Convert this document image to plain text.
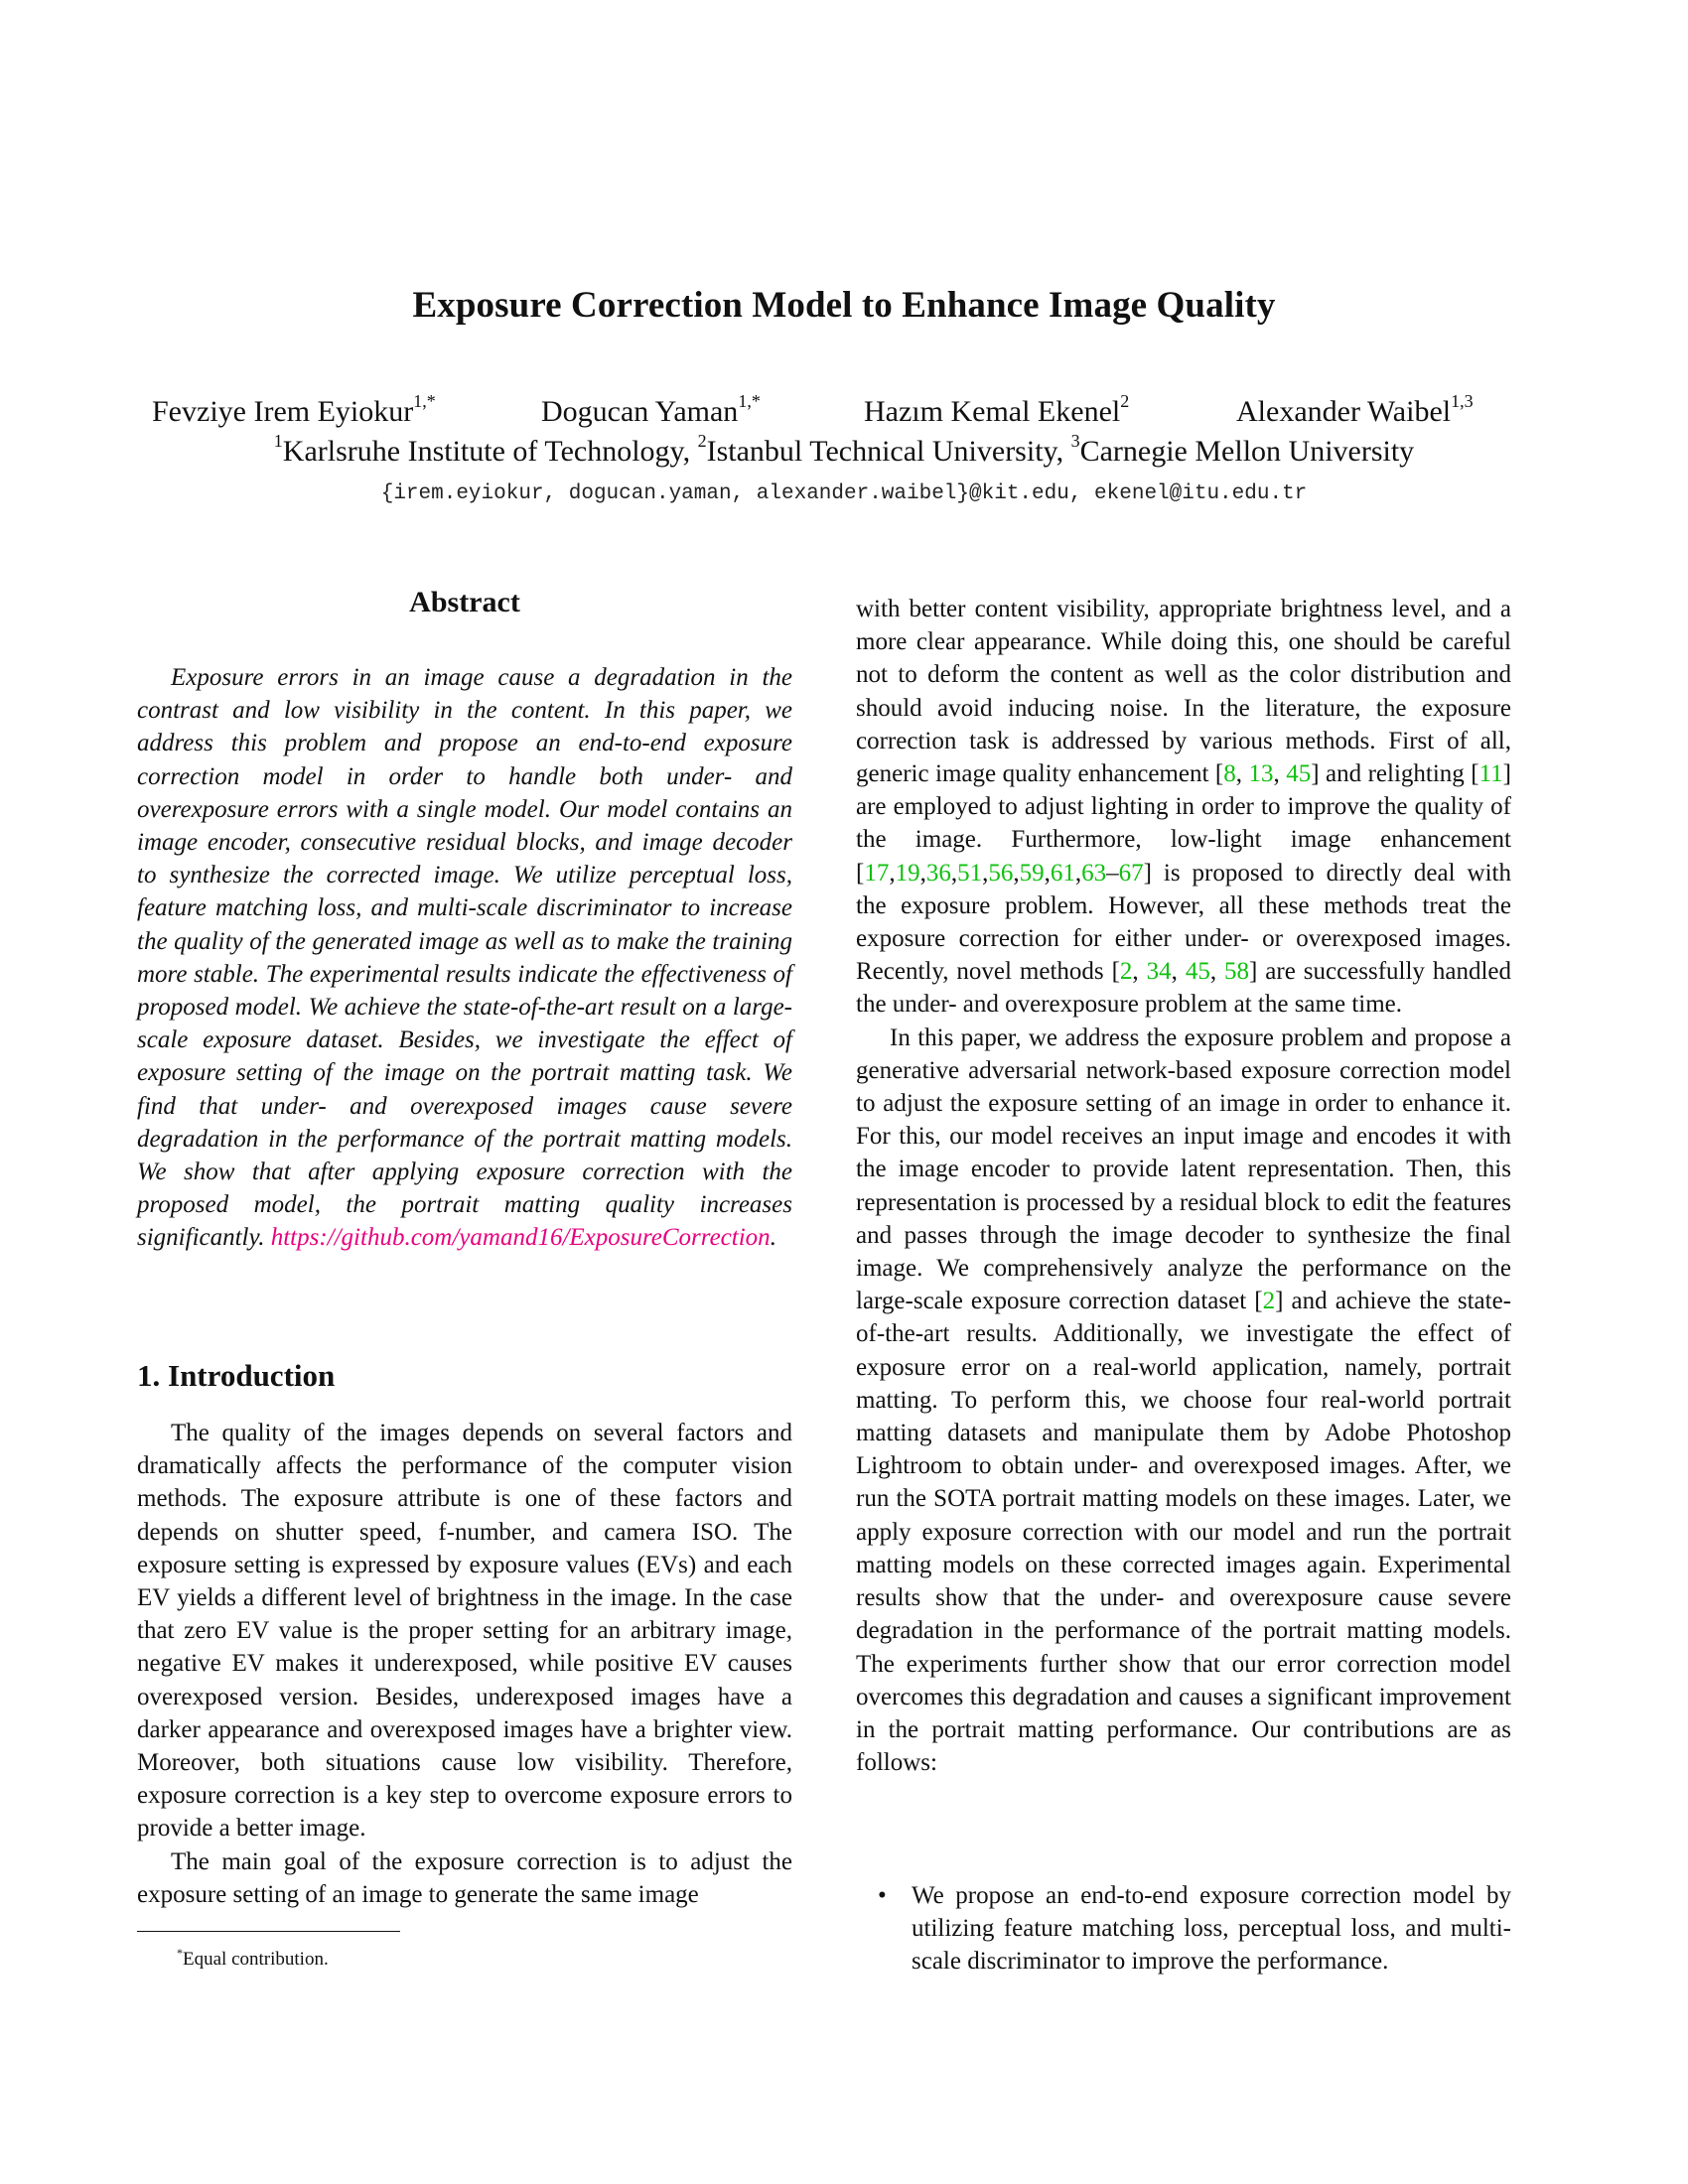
Exposure Correction Model to Enhance Image Quality
Fevziye Irem Eyiokur$^{1,*}$	Dogucan Yaman$^{1,*}$	Hazım Kemal Ekenel$^2$	Alexander Waibel$^{1,3}$
$^1$Karlsruhe Institute of Technology, $^2$Istanbul Technical University, $^3$Carnegie Mellon University
{irem.eyiokur, dogucan.yaman, alexander.waibel}@kit.edu, ekenel@itu.edu.tr
Abstract
Exposure errors in an image cause a degradation in the contrast and low visibility in the content. In this paper, we address this problem and propose an end-to-end exposure correction model in order to handle both under- and overexposure errors with a single model. Our model contains an image encoder, consecutive residual blocks, and image decoder to synthesize the corrected image. We utilize perceptual loss, feature matching loss, and multi-scale discriminator to increase the quality of the generated image as well as to make the training more stable. The experimental results indicate the effectiveness of proposed model. We achieve the state-of-the-art result on a large-scale exposure dataset. Besides, we investigate the effect of exposure setting of the image on the portrait matting task. We find that under- and overexposed images cause severe degradation in the performance of the portrait matting models. We show that after applying exposure correction with the proposed model, the portrait matting quality increases significantly. https://github.com/yamand16/ExposureCorrection.
1. Introduction

The quality of the images depends on several factors and dramatically affects the performance of the computer vision methods. The exposure attribute is one of these factors and depends on shutter speed, f-number, and camera ISO. The exposure setting is expressed by exposure values (EVs) and each EV yields a different level of brightness in the image. In the case that zero EV value is the proper setting for an arbitrary image, negative EV makes it underexposed, while positive EV causes overexposed version. Besides, underexposed images have a darker appearance and overexposed images have a brighter view. Moreover, both situations cause low visibility. Therefore, exposure correction is a key step to overcome exposure errors to provide a better image.

The main goal of the exposure correction is to adjust the exposure setting of an image to generate the same image

with better content visibility, appropriate brightness level, and a more clear appearance. While doing this, one should be careful not to deform the content as well as the color distribution and should avoid inducing noise. In the literature, the exposure correction task is addressed by various methods. First of all, generic image quality enhancement [8, 13, 45] and relighting [11] are employed to adjust lighting in order to improve the quality of the image. Furthermore, low-light image enhancement [17,19,36,51,56,59,61,63–67] is proposed to directly deal with the exposure problem. However, all these methods treat the exposure correction for either under- or overexposed images. Recently, novel methods [2, 34, 45, 58] are successfully handled the under- and overexposure problem at the same time.

In this paper, we address the exposure problem and propose a generative adversarial network-based exposure correction model to adjust the exposure setting of an image in order to enhance it. For this, our model receives an input image and encodes it with the image encoder to provide latent representation. Then, this representation is processed by a residual block to edit the features and passes through the image decoder to synthesize the final image. We comprehensively analyze the performance on the large-scale exposure correction dataset [2] and achieve the state-of-the-art results. Additionally, we investigate the effect of exposure error on a real-world application, namely, portrait matting. To perform this, we choose four real-world portrait matting datasets and manipulate them by Adobe Photoshop Lightroom to obtain under- and overexposed images. After, we run the SOTA portrait matting models on these images. Later, we apply exposure correction with our model and run the portrait matting models on these corrected images again. Experimental results show that the under- and overexposure cause severe degradation in the performance of the portrait matting models. The experiments further show that our error correction model overcomes this degradation and causes a significant improvement in the portrait matting performance. Our contributions are as follows:

• We propose an end-to-end exposure correction model by utilizing feature matching loss, perceptual loss, and multi-scale discriminator to improve the performance.
*Equal contribution.
